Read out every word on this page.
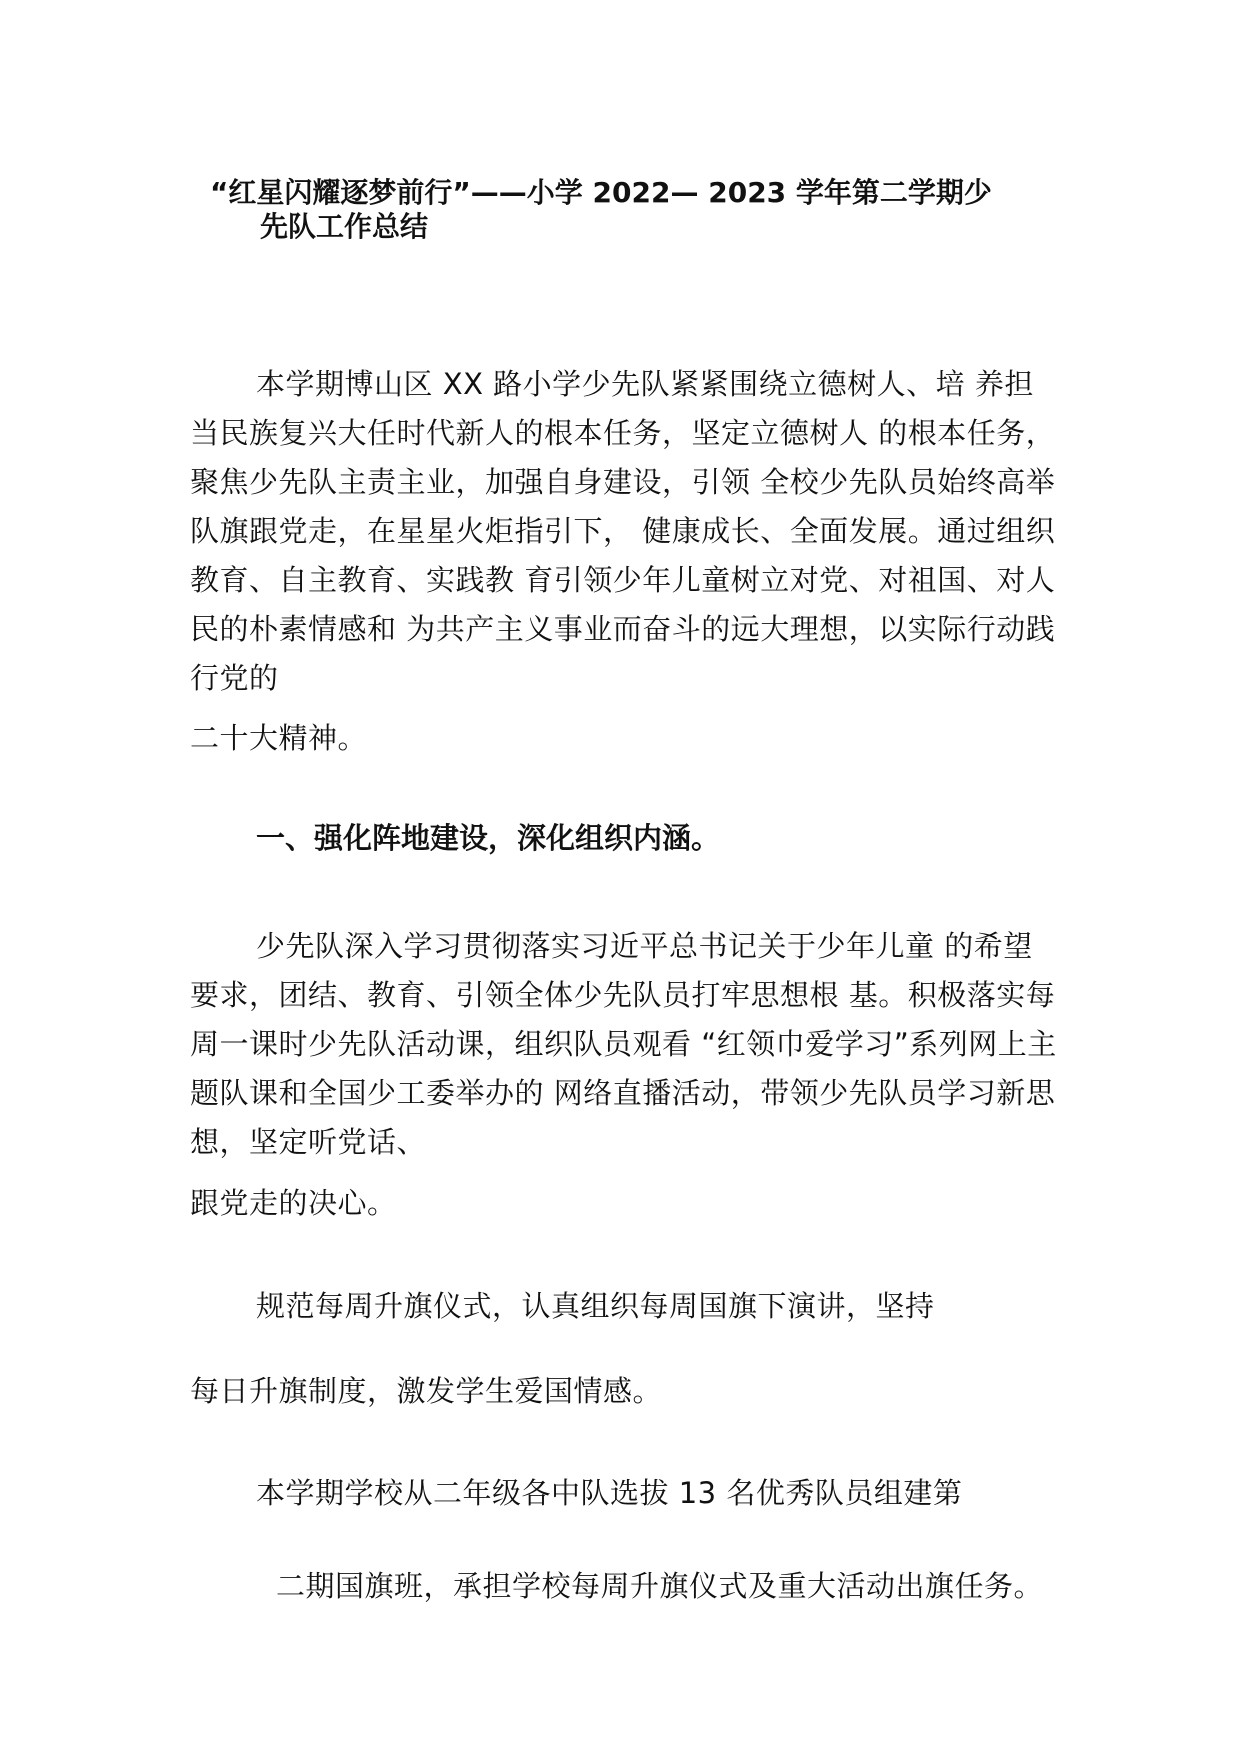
“红星闪耀逐梦前行”——小学 2022— 2023 学年第二学期少
先队工作总结

本学期博山区 XX 路小学少先队紧紧围绕立德树人、培 养担当民族复兴大任时代新人的根本任务，坚定立德树人 的根本任务，聚焦少先队主责主业，加强自身建设，引领 全校少先队员始终高举队旗跟党走，在星星火炬指引下， 健康成长、全面发展。通过组织教育、自主教育、实践教 育引领少年儿童树立对党、对祖国、对人民的朴素情感和 为共产主义事业而奋斗的远大理想，以实际行动践行党的

二十大精神。

一、强化阵地建设，深化组织内涵。

少先队深入学习贯彻落实习近平总书记关于少年儿童 的希望要求，团结、教育、引领全体少先队员打牢思想根 基。积极落实每周一课时少先队活动课，组织队员观看 “红领巾爱学习”系列网上主题队课和全国少工委举办的 网络直播活动，带领少先队员学习新思想，坚定听党话、

跟党走的决心。

规范每周升旗仪式，认真组织每周国旗下演讲，坚持

每日升旗制度，激发学生爱国情感。

本学期学校从二年级各中队选拔 13 名优秀队员组建第

二期国旗班，承担学校每周升旗仪式及重大活动出旗任务。
